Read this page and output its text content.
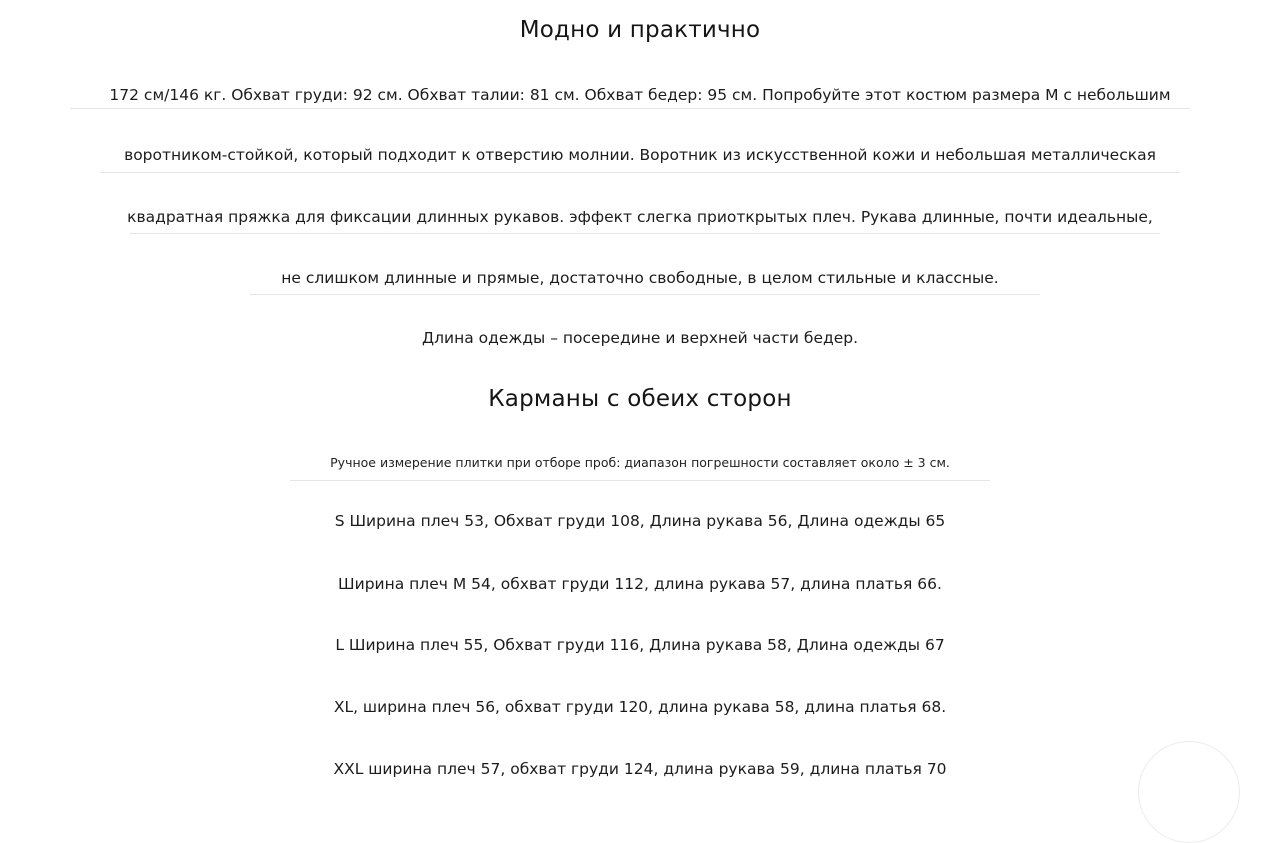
Модно и практично
172 см/146 кг. Обхват груди: 92 см. Обхват талии: 81 см. Обхват бедер: 95 см. Попробуйте этот костюм размера M с небольшим
воротником-стойкой, который подходит к отверстию молнии. Воротник из искусственной кожи и небольшая металлическая
квадратная пряжка для фиксации длинных рукавов. эффект слегка приоткрытых плеч. Рукава длинные, почти идеальные,
не слишком длинные и прямые, достаточно свободные, в целом стильные и классные.
Длина одежды – посередине и верхней части бедер.
Карманы с обеих сторон
Ручное измерение плитки при отборе проб: диапазон погрешности составляет около ± 3 см.
S Ширина плеч 53, Обхват груди 108, Длина рукава 56, Длина одежды 65
Ширина плеч M 54, обхват груди 112, длина рукава 57, длина платья 66.
L Ширина плеч 55, Обхват груди 116, Длина рукава 58, Длина одежды 67
XL, ширина плеч 56, обхват груди 120, длина рукава 58, длина платья 68.
XXL ширина плеч 57, обхват груди 124, длина рукава 59, длина платья 70
